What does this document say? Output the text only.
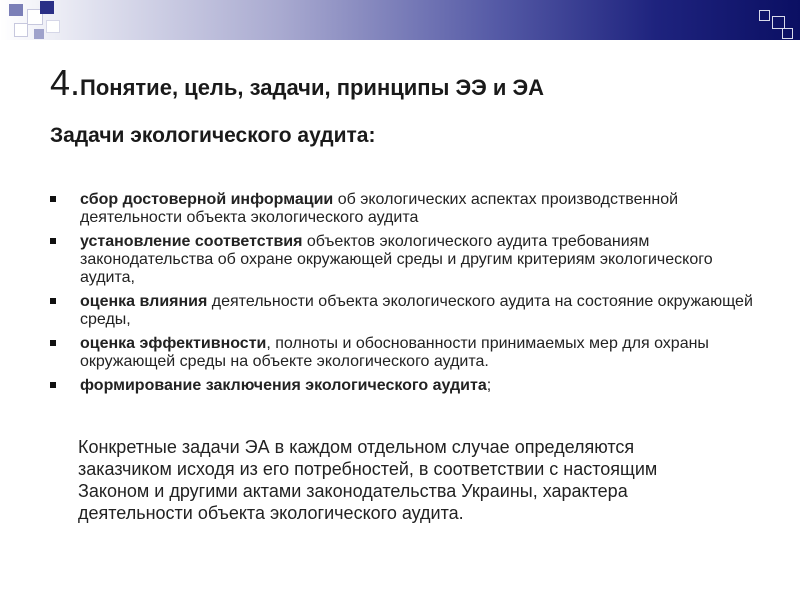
4.Понятие, цель, задачи, принципы ЭЭ и ЭА
Задачи экологического аудита:
сбор достоверной информации об экологических аспектах производственной деятельности объекта экологического аудита
установление соответствия объектов экологического аудита требованиям законодательства об охране окружающей среды и другим критериям экологического аудита,
оценка влияния деятельности объекта экологического аудита на состояние окружающей среды,
оценка эффективности, полноты и обоснованности принимаемых мер для охраны окружающей среды на объекте экологического аудита.
формирование заключения экологического аудита;

Конкретные задачи ЭА в каждом отдельном случае определяются заказчиком исходя из его потребностей, в соответствии с настоящим Законом и другими актами законодательства Украины, характера деятельности объекта экологического аудита.
